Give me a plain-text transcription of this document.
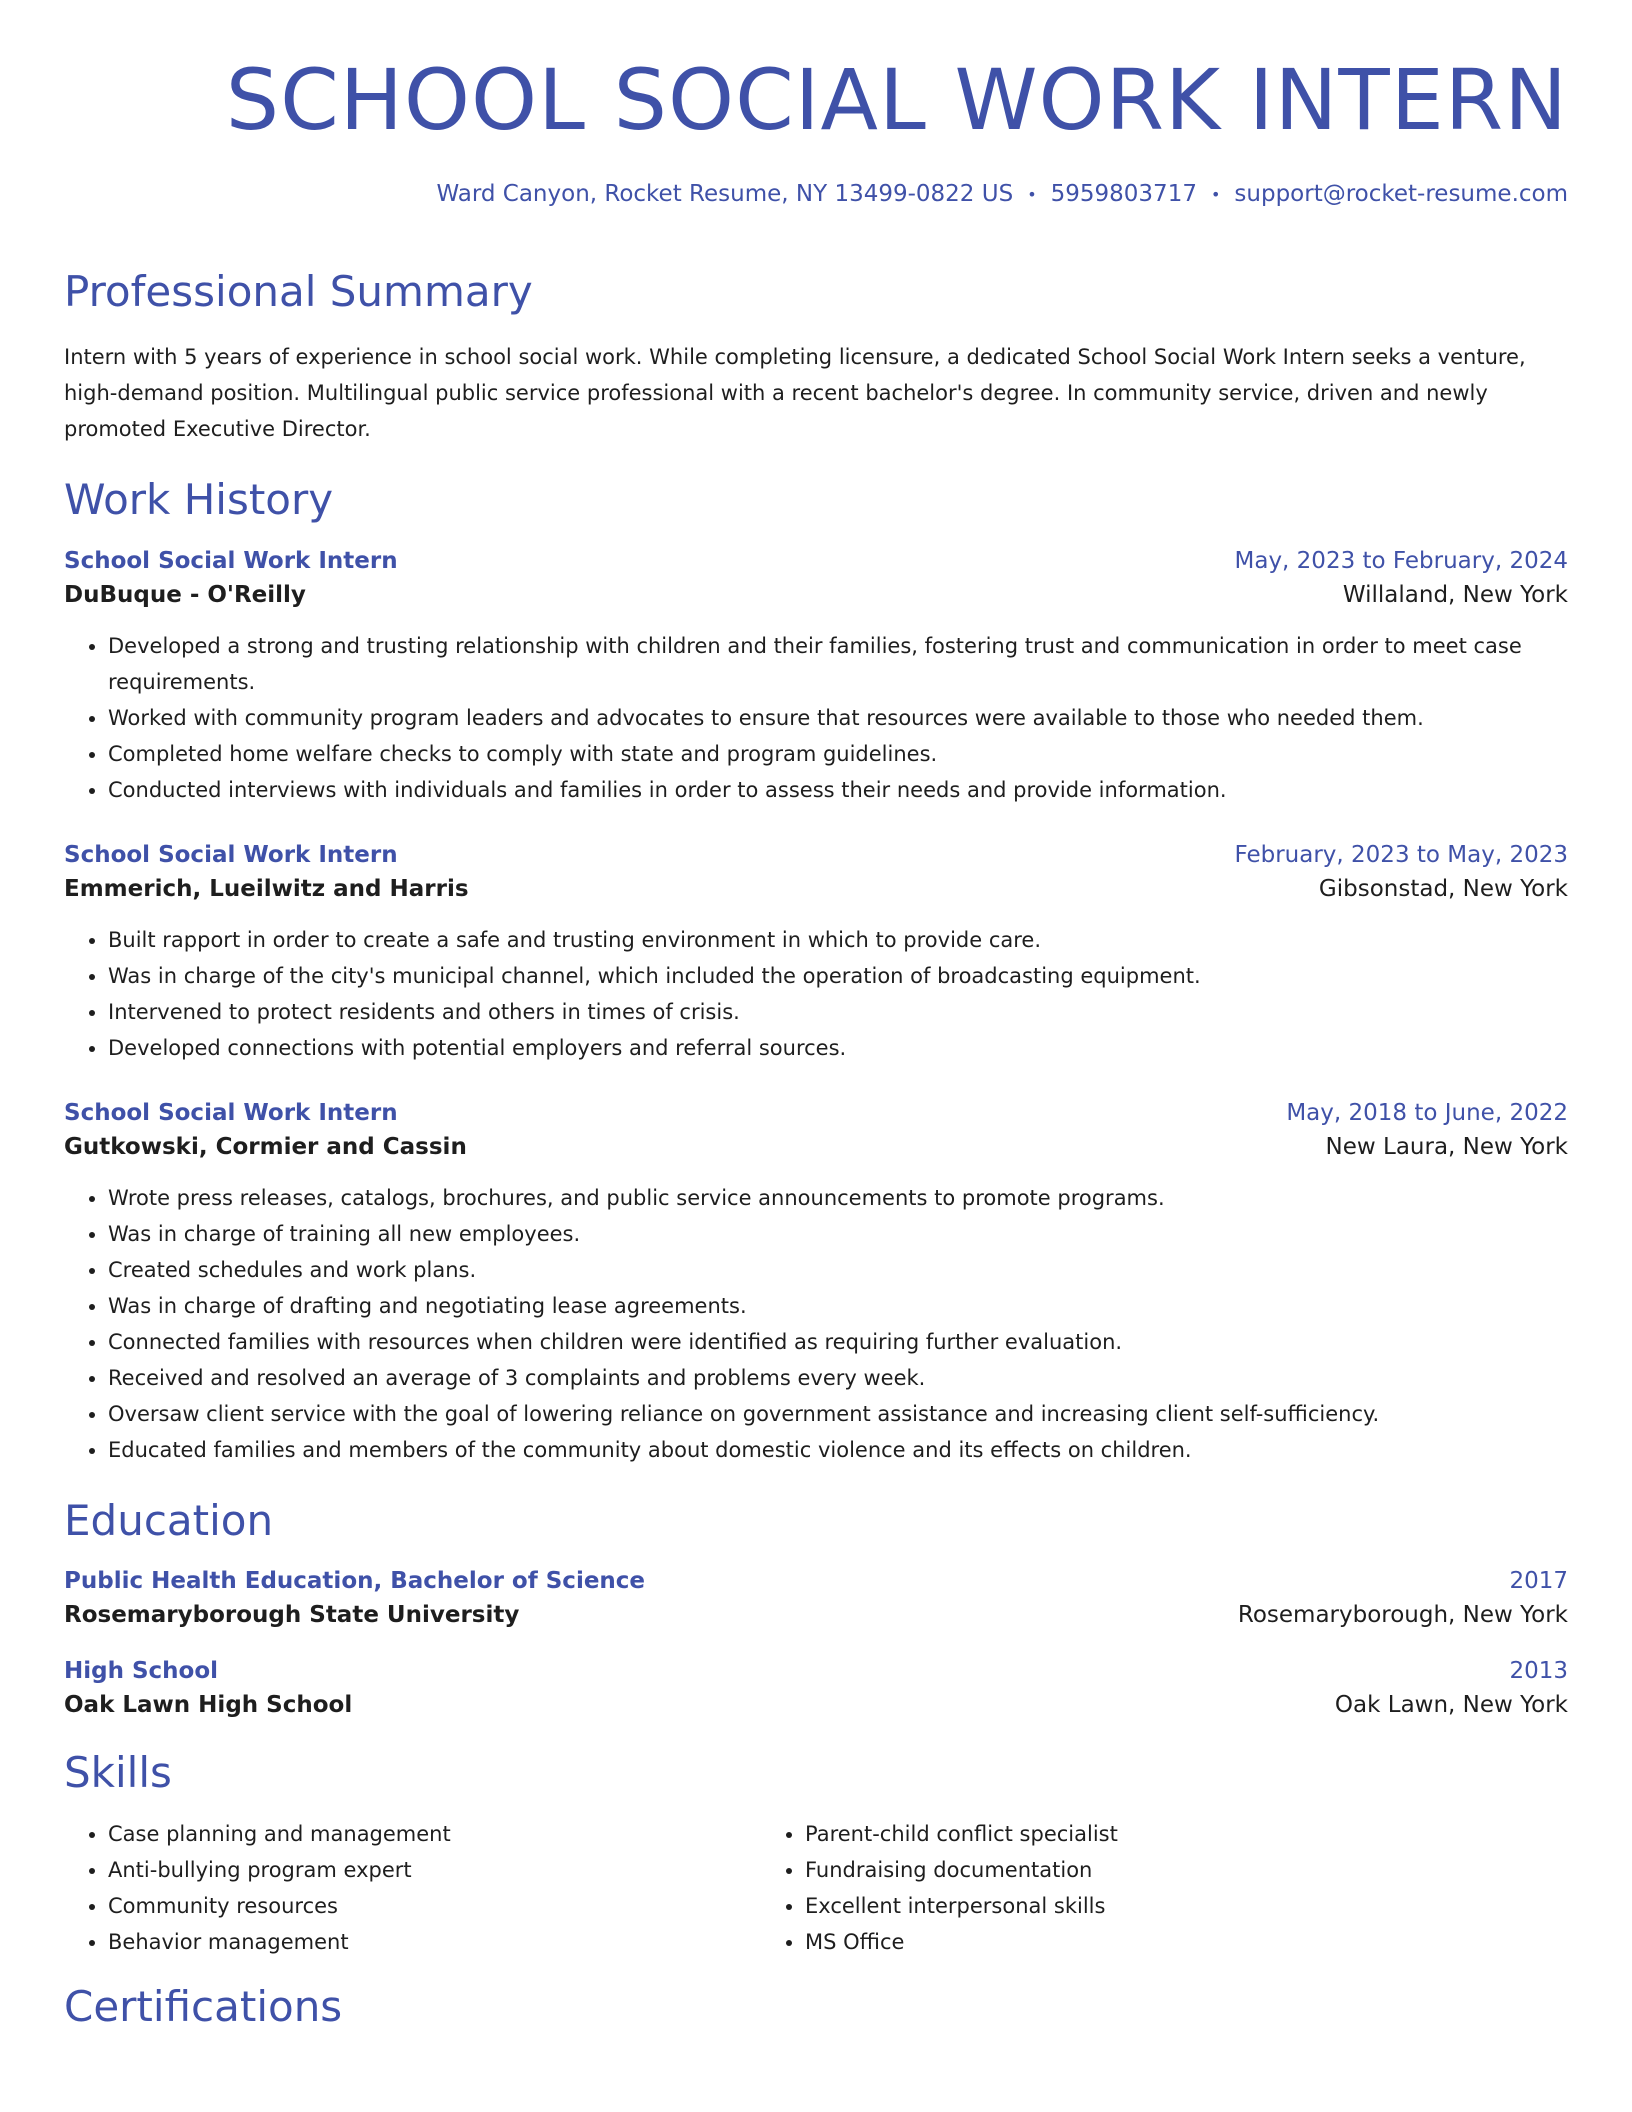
SCHOOL SOCIAL WORK INTERN
Ward Canyon, Rocket Resume, NY 13499-0822 US • 5959803717 • support@rocket-resume.com
Professional Summary
Intern with 5 years of experience in school social work. While completing licensure, a dedicated School Social Work Intern seeks a venture, high-demand position. Multilingual public service professional with a recent bachelor's degree. In community service, driven and newly promoted Executive Director.
Work History
School Social Work Intern	May, 2023 to February, 2024
DuBuque - O'Reilly	Willaland, New York
• Developed a strong and trusting relationship with children and their families, fostering trust and communication in order to meet case requirements.
• Worked with community program leaders and advocates to ensure that resources were available to those who needed them.
• Completed home welfare checks to comply with state and program guidelines.
• Conducted interviews with individuals and families in order to assess their needs and provide information.
School Social Work Intern	February, 2023 to May, 2023
Emmerich, Lueilwitz and Harris	Gibsonstad, New York
• Built rapport in order to create a safe and trusting environment in which to provide care.
• Was in charge of the city's municipal channel, which included the operation of broadcasting equipment.
• Intervened to protect residents and others in times of crisis.
• Developed connections with potential employers and referral sources.
School Social Work Intern	May, 2018 to June, 2022
Gutkowski, Cormier and Cassin	New Laura, New York
• Wrote press releases, catalogs, brochures, and public service announcements to promote programs.
• Was in charge of training all new employees.
• Created schedules and work plans.
• Was in charge of drafting and negotiating lease agreements.
• Connected families with resources when children were identified as requiring further evaluation.
• Received and resolved an average of 3 complaints and problems every week.
• Oversaw client service with the goal of lowering reliance on government assistance and increasing client self-sufficiency.
• Educated families and members of the community about domestic violence and its effects on children.
Education
Public Health Education, Bachelor of Science	2017
Rosemaryborough State University	Rosemaryborough, New York
High School	2013
Oak Lawn High School	Oak Lawn, New York
Skills
• Case planning and management
• Anti-bullying program expert
• Community resources
• Behavior management
• Parent-child conflict specialist
• Fundraising documentation
• Excellent interpersonal skills
• MS Office
Certifications
